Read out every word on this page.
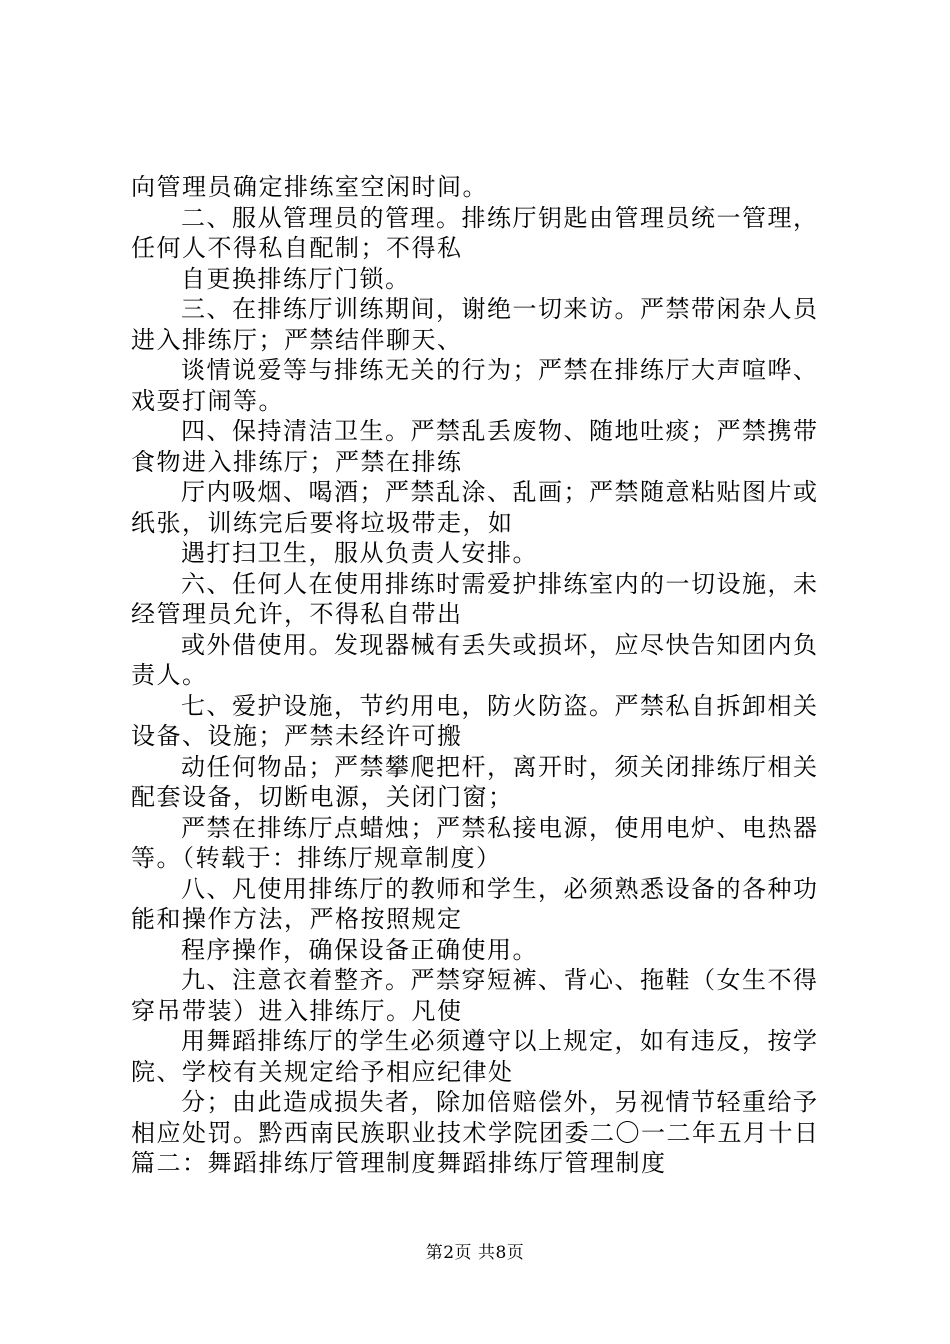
向管理员确定排练室空闲时间。
二、服从管理员的管理。排练厅钥匙由管理员统一管理，
任何人不得私自配制；不得私
自更换排练厅门锁。
三、在排练厅训练期间，谢绝一切来访。严禁带闲杂人员
进入排练厅；严禁结伴聊天、
谈情说爱等与排练无关的行为；严禁在排练厅大声喧哗、
戏耍打闹等。
四、保持清洁卫生。严禁乱丢废物、随地吐痰；严禁携带
食物进入排练厅；严禁在排练
厅内吸烟、喝酒；严禁乱涂、乱画；严禁随意粘贴图片或
纸张，训练完后要将垃圾带走，如
遇打扫卫生，服从负责人安排。
六、任何人在使用排练时需爱护排练室内的一切设施，未
经管理员允许，不得私自带出
或外借使用。发现器械有丢失或损坏，应尽快告知团内负
责人。
七、爱护设施，节约用电，防火防盗。严禁私自拆卸相关
设备、设施；严禁未经许可搬
动任何物品；严禁攀爬把杆，离开时，须关闭排练厅相关
配套设备，切断电源，关闭门窗；
严禁在排练厅点蜡烛；严禁私接电源，使用电炉、电热器
等。（转载于：排练厅规章制度）
八、凡使用排练厅的教师和学生，必须熟悉设备的各种功
能和操作方法，严格按照规定
程序操作，确保设备正确使用。
九、注意衣着整齐。严禁穿短裤、背心、拖鞋（女生不得
穿吊带装）进入排练厅。凡使
用舞蹈排练厅的学生必须遵守以上规定，如有违反，按学
院、学校有关规定给予相应纪律处
分；由此造成损失者，除加倍赔偿外，另视情节轻重给予
相应处罚。黔西南民族职业技术学院团委二〇一二年五月十日
篇二：舞蹈排练厅管理制度舞蹈排练厅管理制度
第2页 共8页
